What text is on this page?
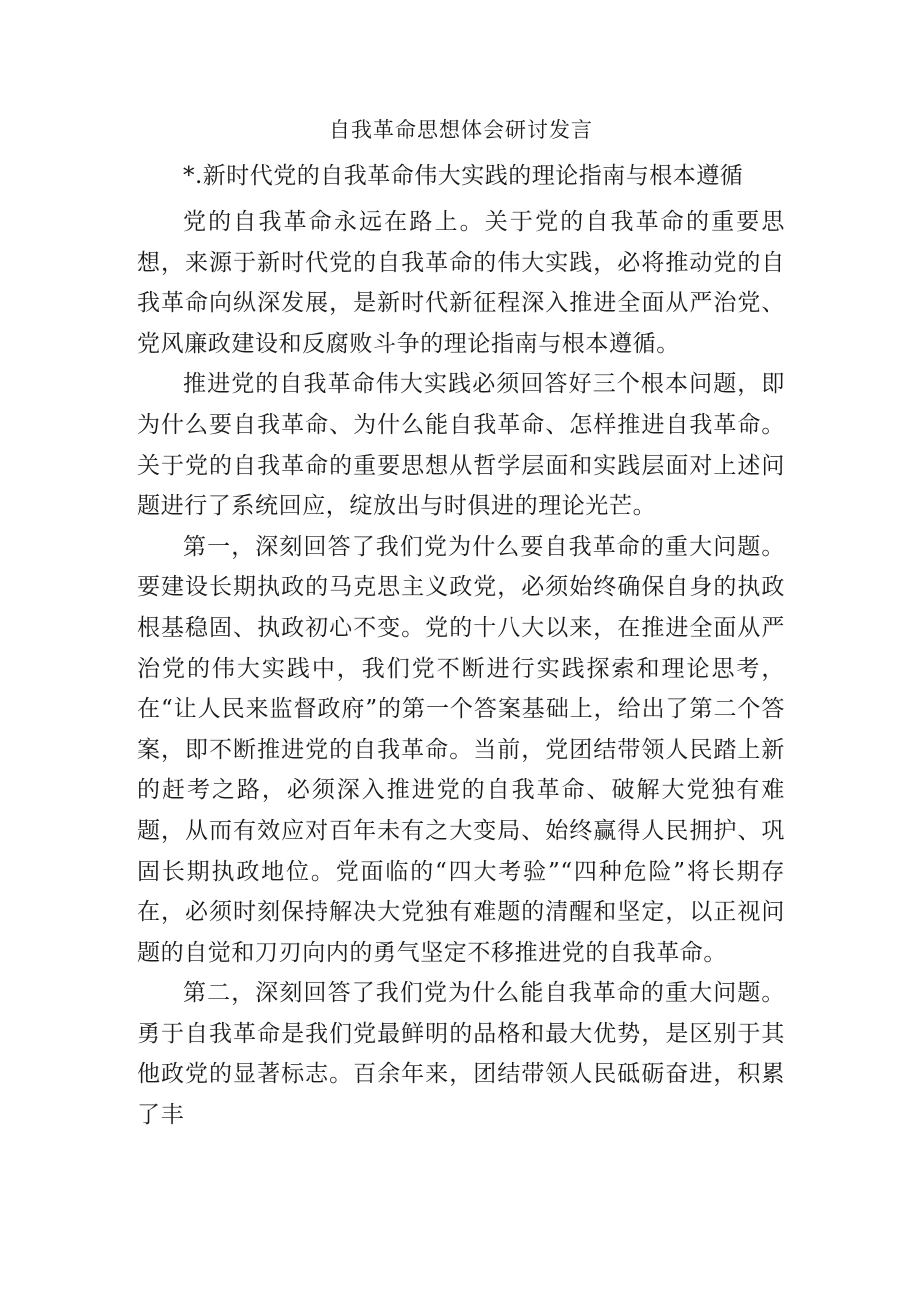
自我革命思想体会研讨发言
*.新时代党的自我革命伟大实践的理论指南与根本遵循

党的自我革命永远在路上。关于党的自我革命的重要思想，来源于新时代党的自我革命的伟大实践，必将推动党的自我革命向纵深发展，是新时代新征程深入推进全面从严治党、党风廉政建设和反腐败斗争的理论指南与根本遵循。

推进党的自我革命伟大实践必须回答好三个根本问题，即为什么要自我革命、为什么能自我革命、怎样推进自我革命。关于党的自我革命的重要思想从哲学层面和实践层面对上述问题进行了系统回应，绽放出与时俱进的理论光芒。

第一，深刻回答了我们党为什么要自我革命的重大问题。要建设长期执政的马克思主义政党，必须始终确保自身的执政根基稳固、执政初心不变。党的十八大以来，在推进全面从严治党的伟大实践中，我们党不断进行实践探索和理论思考，在“让人民来监督政府”的第一个答案基础上，给出了第二个答案，即不断推进党的自我革命。当前，党团结带领人民踏上新的赶考之路，必须深入推进党的自我革命、破解大党独有难题，从而有效应对百年未有之大变局、始终赢得人民拥护、巩固长期执政地位。党面临的“四大考验”“四种危险”将长期存在，必须时刻保持解决大党独有难题的清醒和坚定，以正视问题的自觉和刀刃向内的勇气坚定不移推进党的自我革命。

第二，深刻回答了我们党为什么能自我革命的重大问题。勇于自我革命是我们党最鲜明的品格和最大优势，是区别于其他政党的显著标志。百余年来，团结带领人民砥砺奋进，积累了丰
